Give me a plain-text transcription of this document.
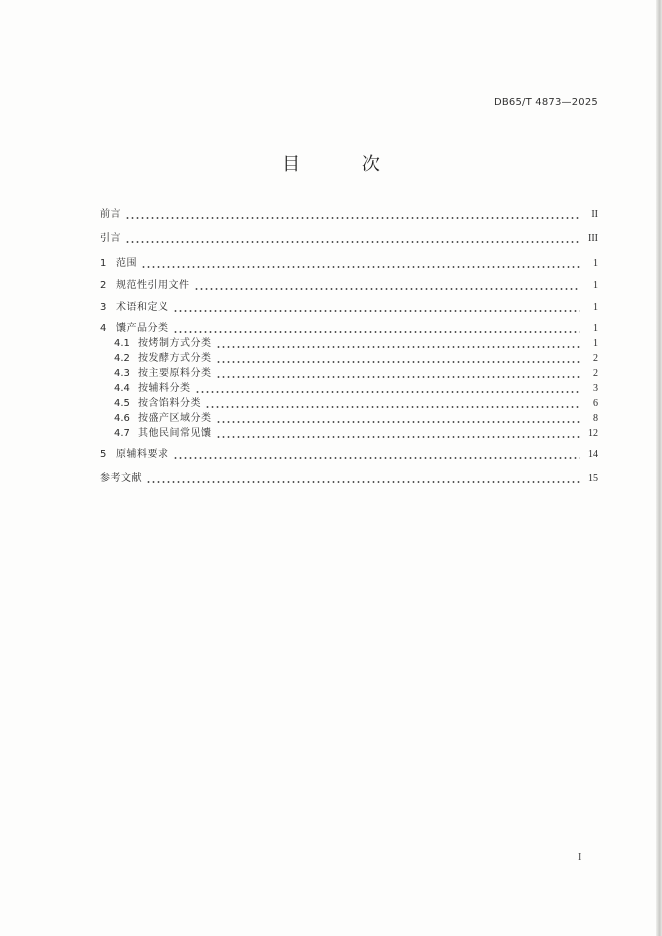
DB65/T 4873—2025
目 次
前言	II
引言	III
1 范围	1
2 规范性引用文件	1
3 术语和定义	1
4 馕产品分类	1
4.1 按烤制方式分类	1
4.2 按发酵方式分类	2
4.3 按主要原料分类	2
4.4 按辅料分类	3
4.5 按含馅料分类	6
4.6 按盛产区域分类	8
4.7 其他民间常见馕	12
5 原辅料要求	14
参考文献	15
I
